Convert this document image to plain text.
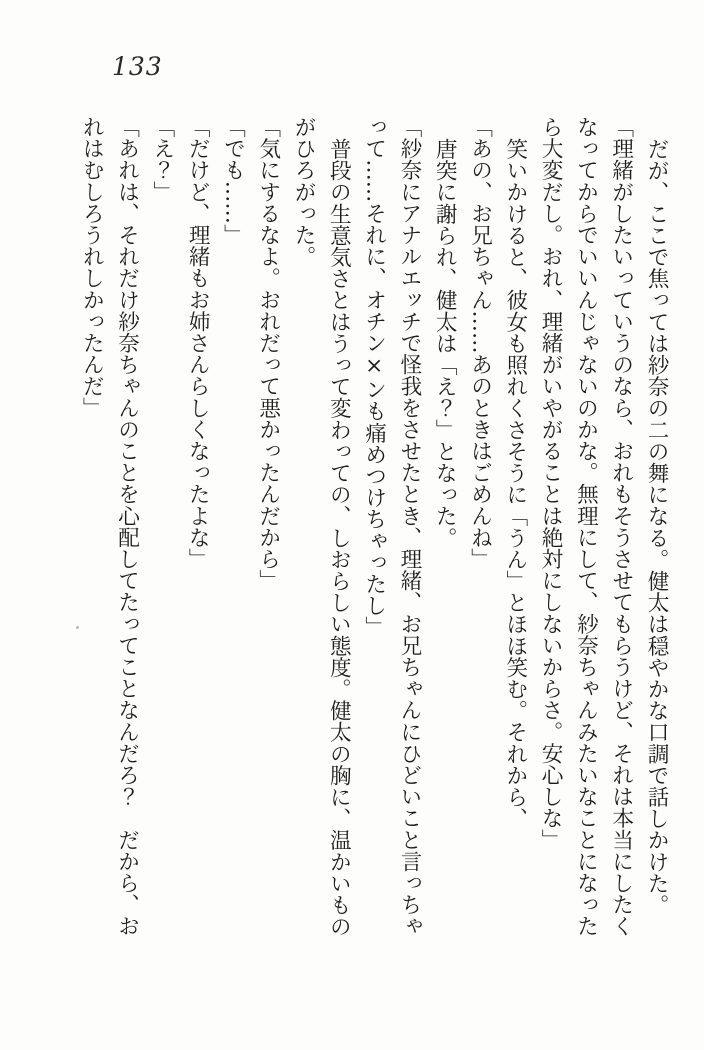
133

だが、ここで焦っては紗奈の二の舞になる。健太は穏やかな口調で話しかけた。

「理緒がしたいっていうのなら、おれもそうさせてもらうけど、それは本当にしたく

なってからでいいんじゃないのかな。無理にして、紗奈ちゃんみたいなことになった

ら大変だし。おれ、理緒がいやがることは絶対にしないからさ。安心しな」

笑いかけると、彼女も照れくさそうに「うん」とほほ笑む。それから、

「あの、お兄ちゃん……あのときはごめんね」

唐突に謝られ、健太は「え？」となった。

「紗奈にアナルエッチで怪我をさせたとき、理緒、お兄ちゃんにひどいこと言っちゃ

って……それに、オチン×ンも痛めつけちゃったし」

普段の生意気さとはうって変わっての、しおらしい態度。健太の胸に、温かいもの

がひろがった。

「気にするなよ。おれだって悪かったんだから」

「でも……」

「だけど、理緒もお姉さんらしくなったよな」

「え？」

「あれは、それだけ紗奈ちゃんのことを心配してたってことなんだろ？　だから、お

れはむしろうれしかったんだ」
